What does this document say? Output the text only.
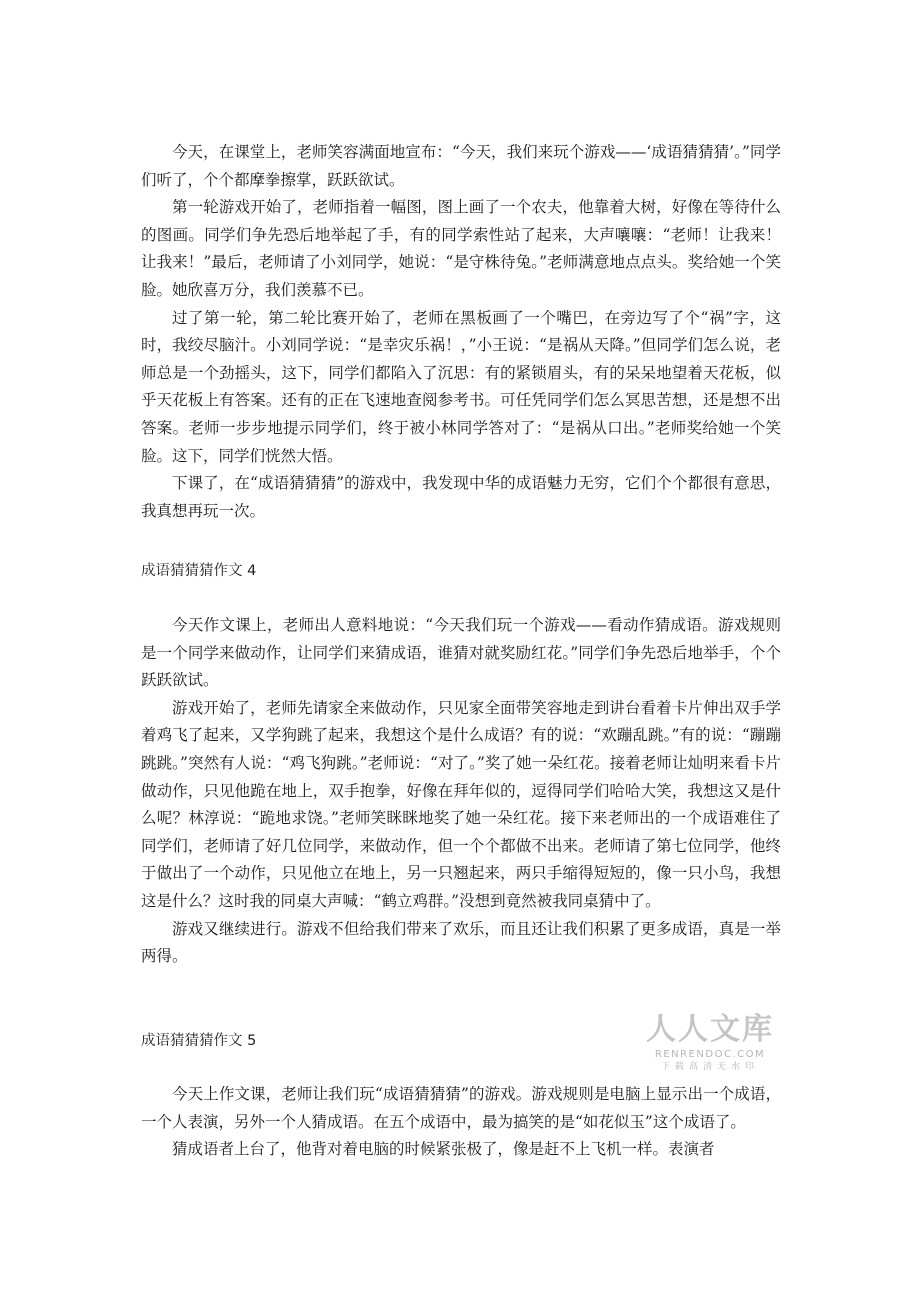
今天，在课堂上，老师笑容满面地宣布：“今天，我们来玩个游戏——‘成语猜猜猜’。”同学们听了，个个都摩拳擦掌，跃跃欲试。

第一轮游戏开始了，老师指着一幅图，图上画了一个农夫，他靠着大树，好像在等待什么的图画。同学们争先恐后地举起了手，有的同学索性站了起来，大声嚷嚷：“老师！让我来！让我来！”最后，老师请了小刘同学，她说：“是守株待兔。”老师满意地点点头。奖给她一个笑脸。她欣喜万分，我们羡慕不已。

过了第一轮，第二轮比赛开始了，老师在黑板画了一个嘴巴，在旁边写了个“祸”字，这时，我绞尽脑汁。小刘同学说：“是幸灾乐祸！，”小王说：“是祸从天降。”但同学们怎么说，老师总是一个劲摇头，这下，同学们都陷入了沉思：有的紧锁眉头，有的呆呆地望着天花板，似乎天花板上有答案。还有的正在飞速地查阅参考书。可任凭同学们怎么冥思苦想，还是想不出答案。老师一步步地提示同学们，终于被小林同学答对了：“是祸从口出。”老师奖给她一个笑脸。这下，同学们恍然大悟。

下课了，在“成语猜猜猜”的游戏中，我发现中华的成语魅力无穷，它们个个都很有意思，我真想再玩一次。

成语猜猜猜作文 4

今天作文课上，老师出人意料地说：“今天我们玩一个游戏——看动作猜成语。游戏规则是一个同学来做动作，让同学们来猜成语，谁猜对就奖励红花。”同学们争先恐后地举手，个个跃跃欲试。

游戏开始了，老师先请家全来做动作，只见家全面带笑容地走到讲台看着卡片伸出双手学着鸡飞了起来，又学狗跳了起来，我想这个是什么成语？有的说：“欢蹦乱跳。”有的说：“蹦蹦跳跳。”突然有人说：“鸡飞狗跳。”老师说：“对了。”奖了她一朵红花。接着老师让灿明来看卡片做动作，只见他跪在地上，双手抱拳，好像在拜年似的，逗得同学们哈哈大笑，我想这又是什么呢？林淳说：“跪地求饶。”老师笑眯眯地奖了她一朵红花。接下来老师出的一个成语难住了同学们，老师请了好几位同学，来做动作，但一个个都做不出来。老师请了第七位同学，他终于做出了一个动作，只见他立在地上，另一只翘起来，两只手缩得短短的，像一只小鸟，我想这是什么？这时我的同桌大声喊：“鹤立鸡群。”没想到竟然被我同桌猜中了。

游戏又继续进行。游戏不但给我们带来了欢乐，而且还让我们积累了更多成语，真是一举两得。

成语猜猜猜作文 5

今天上作文课，老师让我们玩“成语猜猜猜”的游戏。游戏规则是电脑上显示出一个成语，一个人表演，另外一个人猜成语。在五个成语中，最为搞笑的是“如花似玉”这个成语了。

猜成语者上台了，他背对着电脑的时候紧张极了，像是赶不上飞机一样。表演者

人人文库
RENRENDOC.COM
下载高清无水印
